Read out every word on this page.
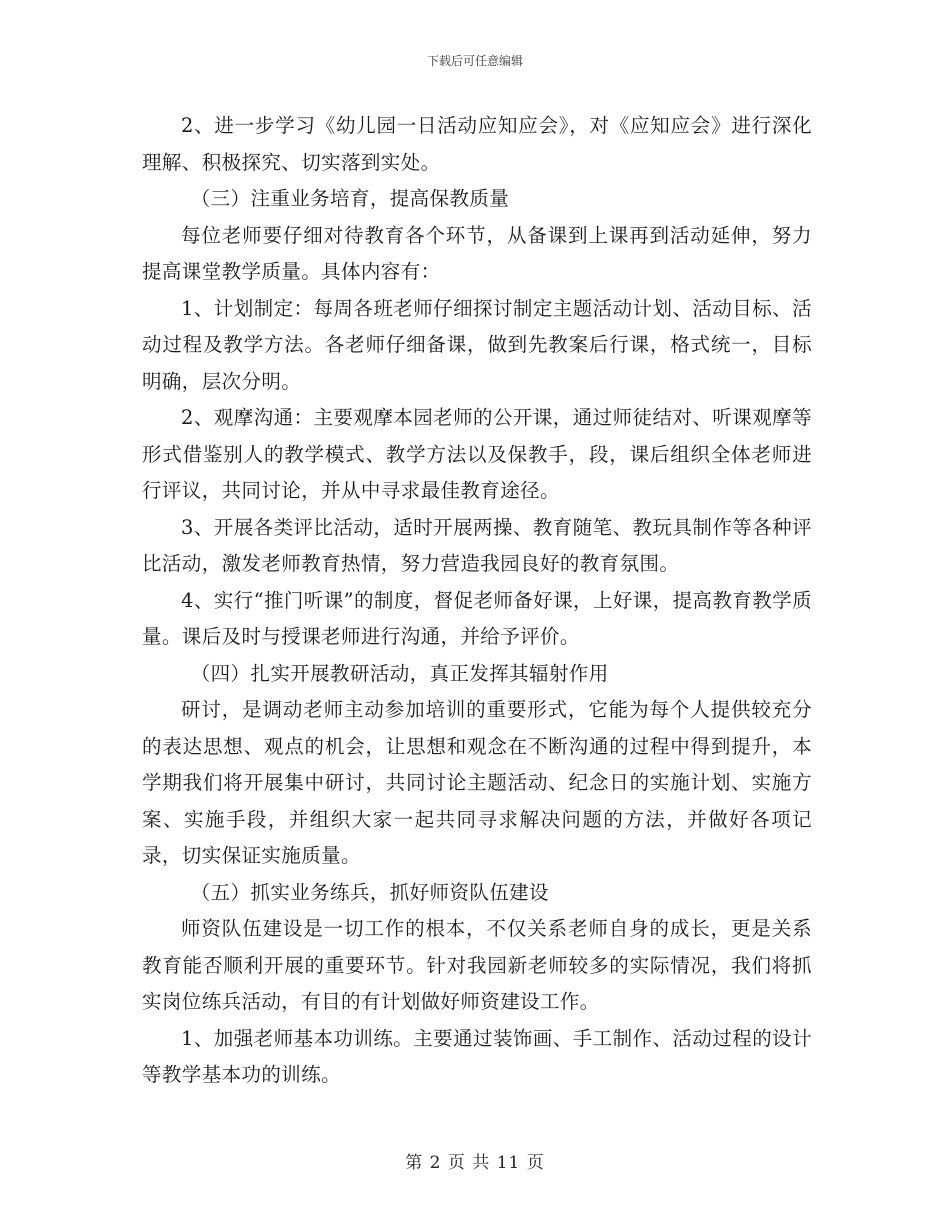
下载后可任意编辑

2、进一步学习《幼儿园一日活动应知应会》，对《应知应会》进行深化理解、积极探究、切实落到实处。

（三）注重业务培育，提高保教质量

每位老师要仔细对待教育各个环节，从备课到上课再到活动延伸，努力提高课堂教学质量。具体内容有：

1、计划制定：每周各班老师仔细探讨制定主题活动计划、活动目标、活动过程及教学方法。各老师仔细备课，做到先教案后行课，格式统一，目标明确，层次分明。

2、观摩沟通：主要观摩本园老师的公开课，通过师徒结对、听课观摩等形式借鉴别人的教学模式、教学方法以及保教手，段，课后组织全体老师进行评议，共同讨论，并从中寻求最佳教育途径。

3、开展各类评比活动，适时开展两操、教育随笔、教玩具制作等各种评比活动，激发老师教育热情，努力营造我园良好的教育氛围。

4、实行“推门听课”的制度，督促老师备好课，上好课，提高教育教学质量。课后及时与授课老师进行沟通，并给予评价。

（四）扎实开展教研活动，真正发挥其辐射作用

研讨，是调动老师主动参加培训的重要形式，它能为每个人提供较充分的表达思想、观点的机会，让思想和观念在不断沟通的过程中得到提升，本学期我们将开展集中研讨，共同讨论主题活动、纪念日的实施计划、实施方案、实施手段，并组织大家一起共同寻求解决问题的方法，并做好各项记录，切实保证实施质量。

（五）抓实业务练兵，抓好师资队伍建设

师资队伍建设是一切工作的根本，不仅关系老师自身的成长，更是关系教育能否顺利开展的重要环节。针对我园新老师较多的实际情况，我们将抓实岗位练兵活动，有目的有计划做好师资建设工作。

1、加强老师基本功训练。主要通过装饰画、手工制作、活动过程的设计等教学基本功的训练。

第 2 页 共 11 页
